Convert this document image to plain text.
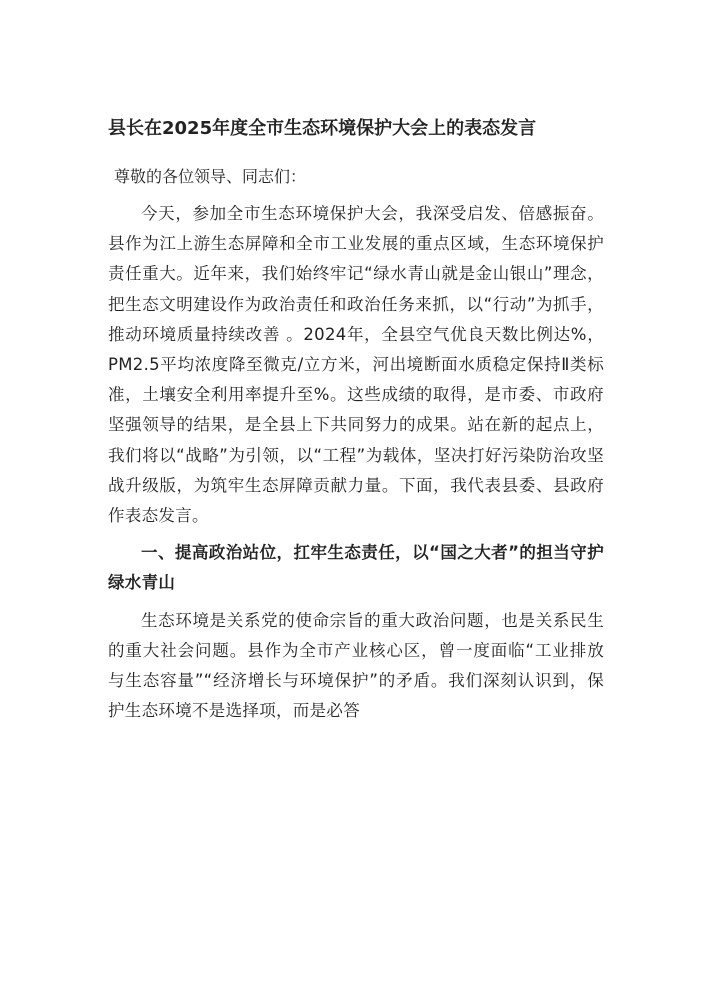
县长在2025年度全市生态环境保护大会上的表态发言
尊敬的各位领导、同志们：

今天，参加全市生态环境保护大会，我深受启发、倍感振奋。县作为江上游生态屏障和全市工业发展的重点区域，生态环境保护责任重大。近年来，我们始终牢记“绿水青山就是金山银山”理念，把生态文明建设作为政治责任和政治任务来抓，以“行动”为抓手，推动环境质量持续改善 。2024年，全县空气优良天数比例达%，PM2.5平均浓度降至微克/立方米，河出境断面水质稳定保持Ⅱ类标准，土壤安全利用率提升至%。这些成绩的取得，是市委、市政府坚强领导的结果，是全县上下共同努力的成果。站在新的起点上，我们将以“战略”为引领，以“工程”为载体，坚决打好污染防治攻坚战升级版，为筑牢生态屏障贡献力量。下面，我代表县委、县政府作表态发言。

一、提高政治站位，扛牢生态责任，以“国之大者”的担当守护绿水青山

生态环境是关系党的使命宗旨的重大政治问题，也是关系民生的重大社会问题。县作为全市产业核心区，曾一度面临“工业排放与生态容量”“经济增长与环境保护”的矛盾。我们深刻认识到，保护生态环境不是选择项，而是必答
